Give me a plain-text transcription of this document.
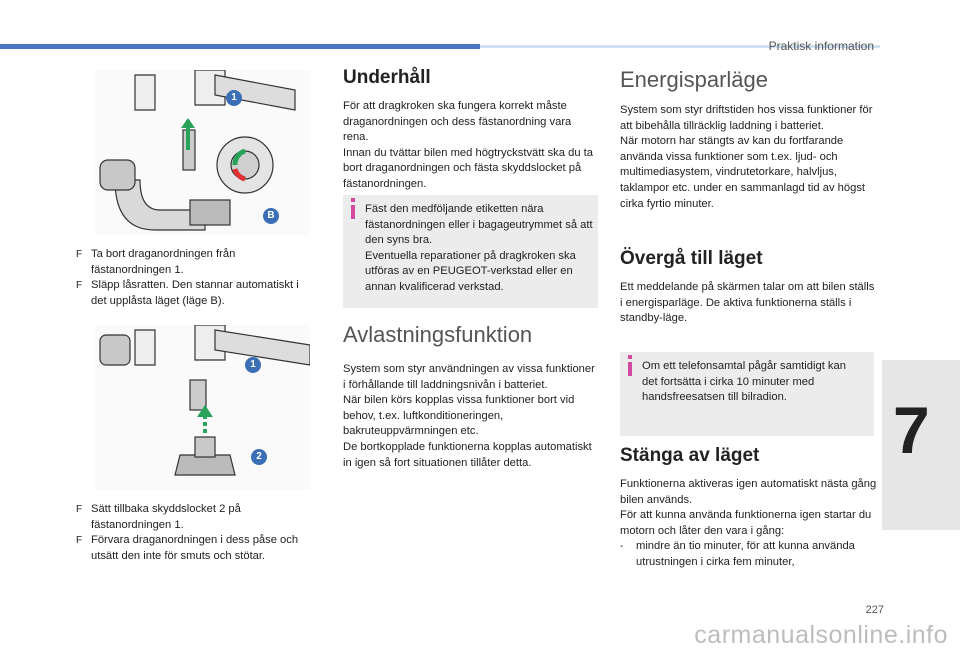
Praktisk information
1
B
F Ta bort draganordningen från fästanordningen 1.
F Släpp låsratten. Den stannar automatiskt i det upplåsta läget (läge B).
1
2
F Sätt tillbaka skyddslocket 2 på fästanordningen 1.
F Förvara draganordningen i dess påse och utsätt den inte för smuts och stötar.
Underhåll

För att dragkroken ska fungera korrekt måste draganordningen och dess fästanordning vara rena.

Innan du tvättar bilen med högtryckstvätt ska du ta bort draganordningen och fästa skyddslocket på fästanordningen.

Fäst den medföljande etiketten nära fästanordningen eller i bagageutrymmet så att den syns bra.
Eventuella reparationer på dragkroken ska utföras av en PEUGEOT-verkstad eller en annan kvalificerad verkstad.
Avlastningsfunktion

System som styr användningen av vissa funktioner i förhållande till laddningsnivån i batteriet.

När bilen körs kopplas vissa funktioner bort vid behov, t.ex. luftkonditioneringen, bakruteuppvärmningen etc.

De bortkopplade funktionerna kopplas automatiskt in igen så fort situationen tillåter detta.

Energisparläge

System som styr driftstiden hos vissa funktioner för att bibehålla tillräcklig laddning i batteriet.

När motorn har stängts av kan du fortfarande använda vissa funktioner som t.ex. ljud- och multimediasystem, vindrutetorkare, halvljus, taklampor etc. under en sammanlagd tid av högst cirka fyrtio minuter.

Övergå till läget

Ett meddelande på skärmen talar om att bilen ställs i energisparläge. De aktiva funktionerna ställs i standby-läge.

Om ett telefonsamtal pågår samtidigt kan det fortsätta i cirka 10 minuter med handsfreesatsen till bilradion.
Stänga av läget

Funktionerna aktiveras igen automatiskt nästa gång bilen används.

För att kunna använda funktionerna igen startar du motorn och låter den vara i gång:

- mindre än tio minuter, för att kunna använda utrustningen i cirka fem minuter,
7
227
carmanualsonline.info
